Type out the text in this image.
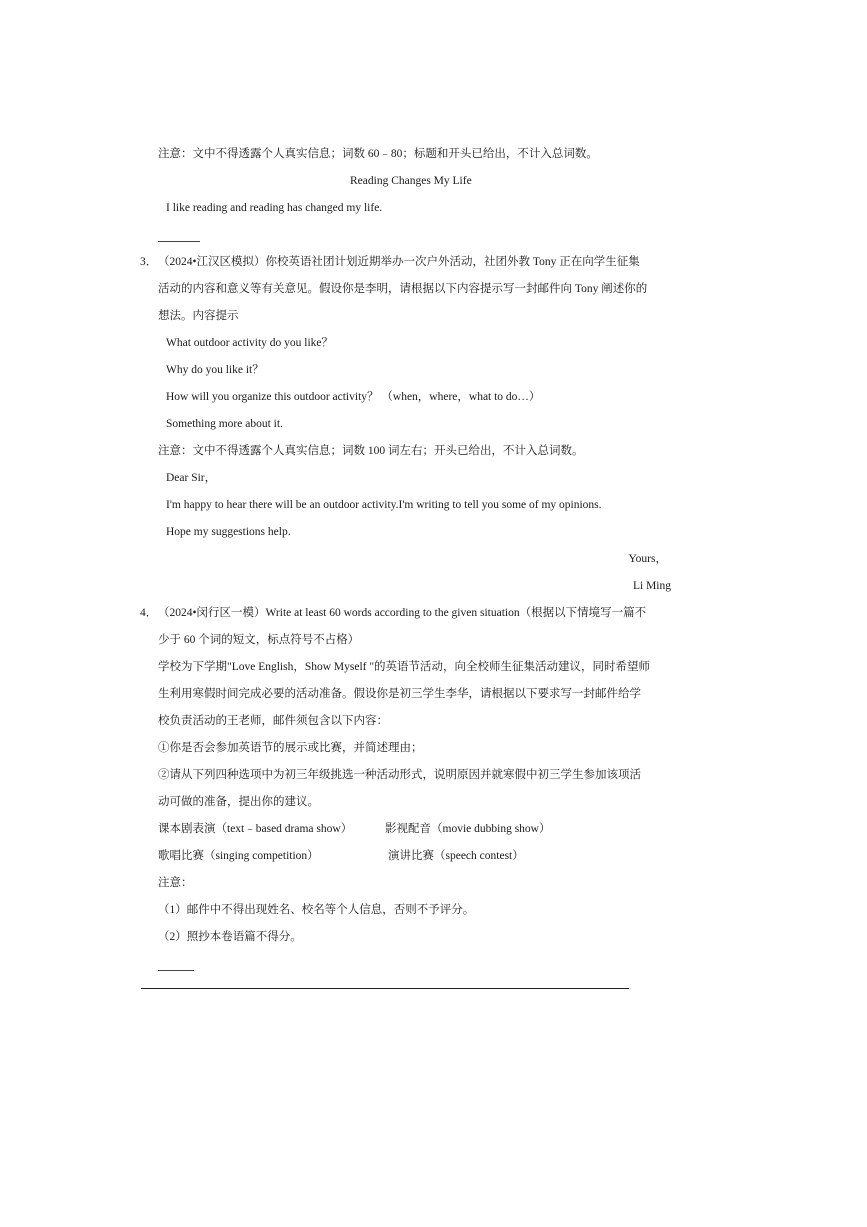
注意：文中不得透露个人真实信息；词数 60﹣80；标题和开头已给出，不计入总词数。
Reading Changes My Life
I like reading and reading has changed my life.
3． （2024•江汉区模拟）你校英语社团计划近期举办一次户外活动，社团外教 Tony 正在向学生征集
活动的内容和意义等有关意见。假设你是李明，请根据以下内容提示写一封邮件向 Tony 阐述你的
想法。内容提示
What outdoor activity do you like？
Why do you like it？
How will you organize this outdoor activity？ （when，where，what to do…）
Something more about it.
注意：文中不得透露个人真实信息；词数 100 词左右；开头已给出，不计入总词数。
Dear Sir，
I'm happy to hear there will be an outdoor activity.I'm writing to tell you some of my opinions.
Hope my suggestions help.
Yours，
Li Ming
4． （2024•闵行区一模）Write at least 60 words according to the given situation（根据以下情境写一篇不
少于 60 个词的短文，标点符号不占格）
学校为下学期"Love English，Show Myself "的英语节活动，向全校师生征集活动建议，同时希望师
生利用寒假时间完成必要的活动准备。假设你是初三学生李华，请根据以下要求写一封邮件给学
校负责活动的王老师，邮件须包含以下内容：
①你是否会参加英语节的展示或比赛，并简述理由；
②请从下列四种选项中为初三年级挑选一种活动形式，说明原因并就寒假中初三学生参加该项活
动可做的准备，提出你的建议。
课本剧表演（text﹣based drama show）	影视配音（movie dubbing show）
歌唱比赛（singing competition）	演讲比赛（speech contest）
注意：
（1）邮件中不得出现姓名、校名等个人信息，否则不予评分。
（2）照抄本卷语篇不得分。
